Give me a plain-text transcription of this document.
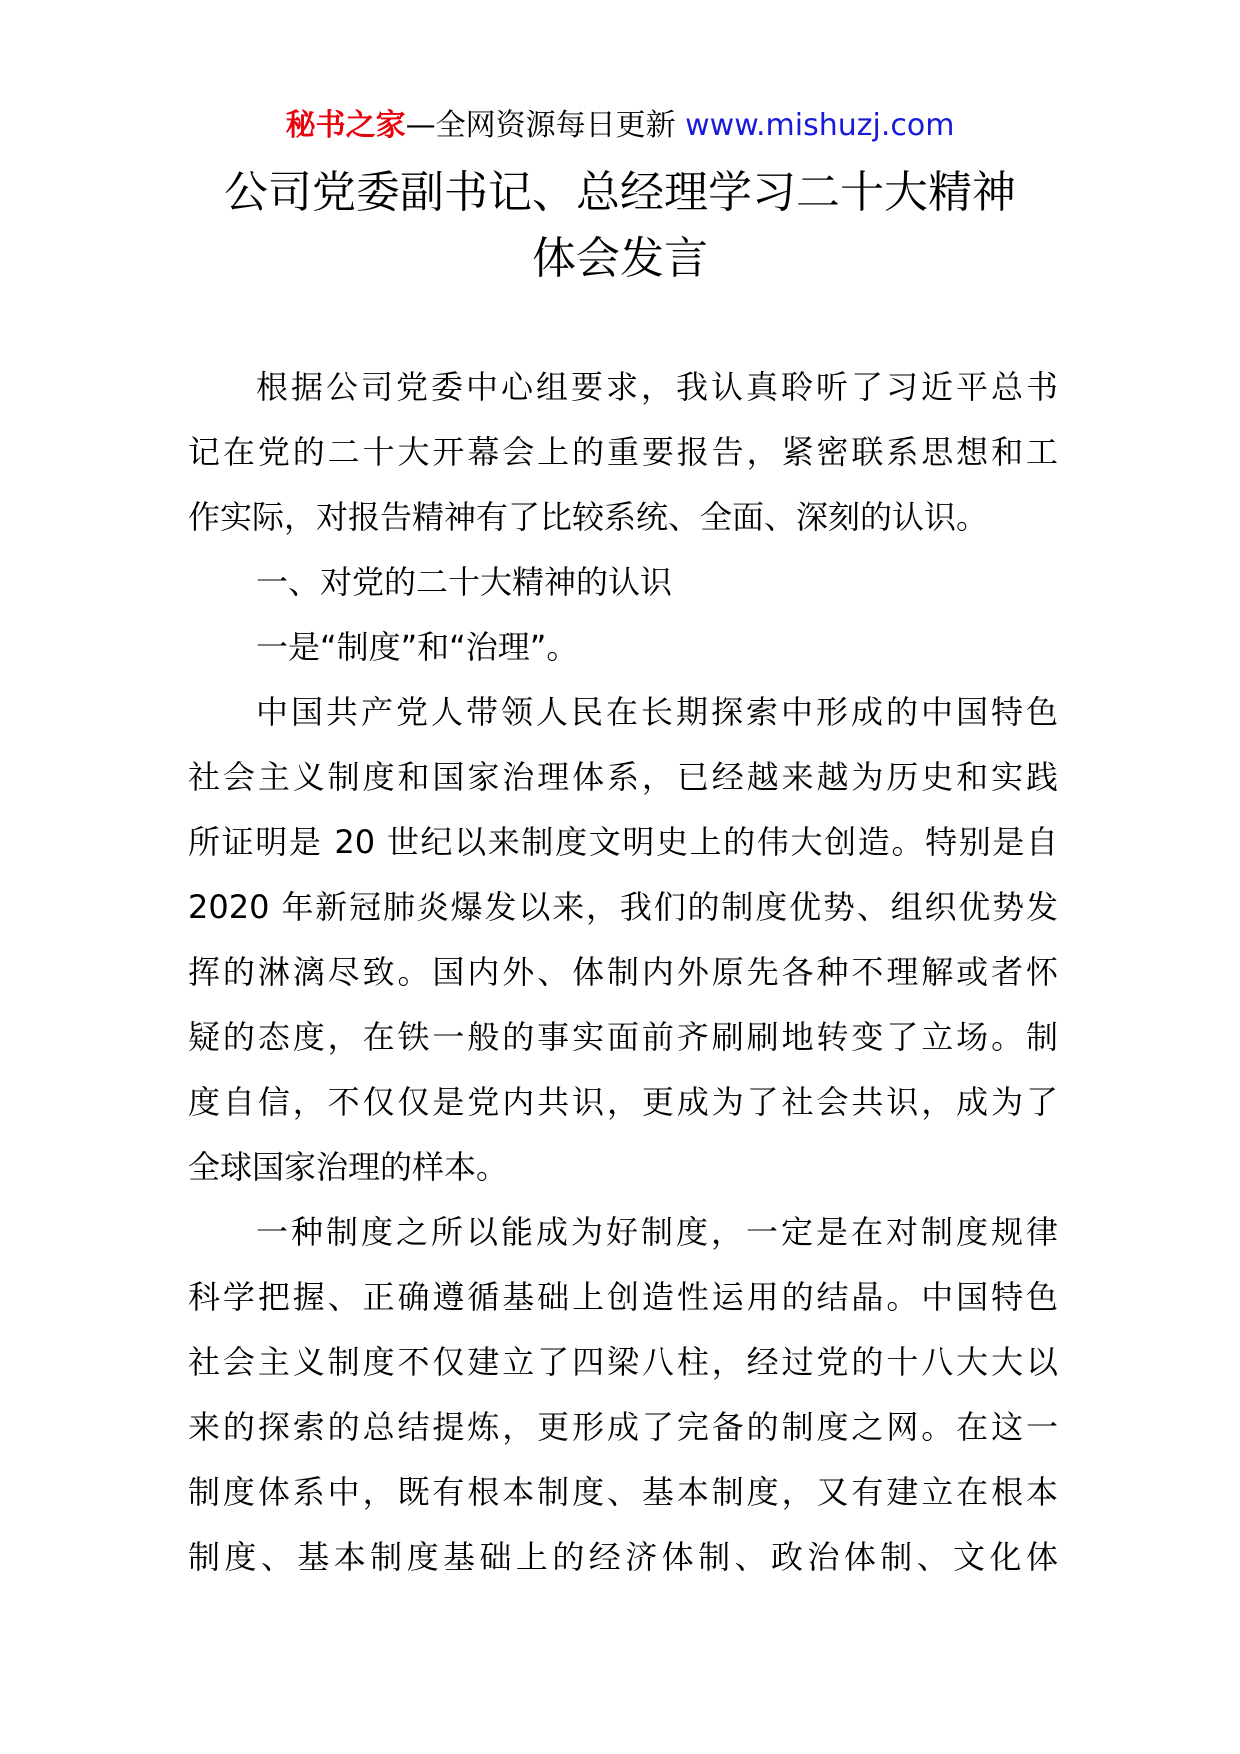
秘书之家—全网资源每日更新 www.mishuzj.com
公司党委副书记、总经理学习二十大精神
体会发言
根据公司党委中心组要求，我认真聆听了习近平总书
记在党的二十大开幕会上的重要报告，紧密联系思想和工
作实际，对报告精神有了比较系统、全面、深刻的认识。
一、对党的二十大精神的认识
一是“制度”和“治理”。
中国共产党人带领人民在长期探索中形成的中国特色
社会主义制度和国家治理体系，已经越来越为历史和实践
所证明是 20 世纪以来制度文明史上的伟大创造。特别是自
2020 年新冠肺炎爆发以来，我们的制度优势、组织优势发
挥的淋漓尽致。国内外、体制内外原先各种不理解或者怀
疑的态度，在铁一般的事实面前齐刷刷地转变了立场。制
度自信，不仅仅是党内共识，更成为了社会共识，成为了
全球国家治理的样本。
一种制度之所以能成为好制度，一定是在对制度规律
科学把握、正确遵循基础上创造性运用的结晶。中国特色
社会主义制度不仅建立了四梁八柱，经过党的十八大大以
来的探索的总结提炼，更形成了完备的制度之网。在这一
制度体系中，既有根本制度、基本制度，又有建立在根本
制度、基本制度基础上的经济体制、政治体制、文化体
